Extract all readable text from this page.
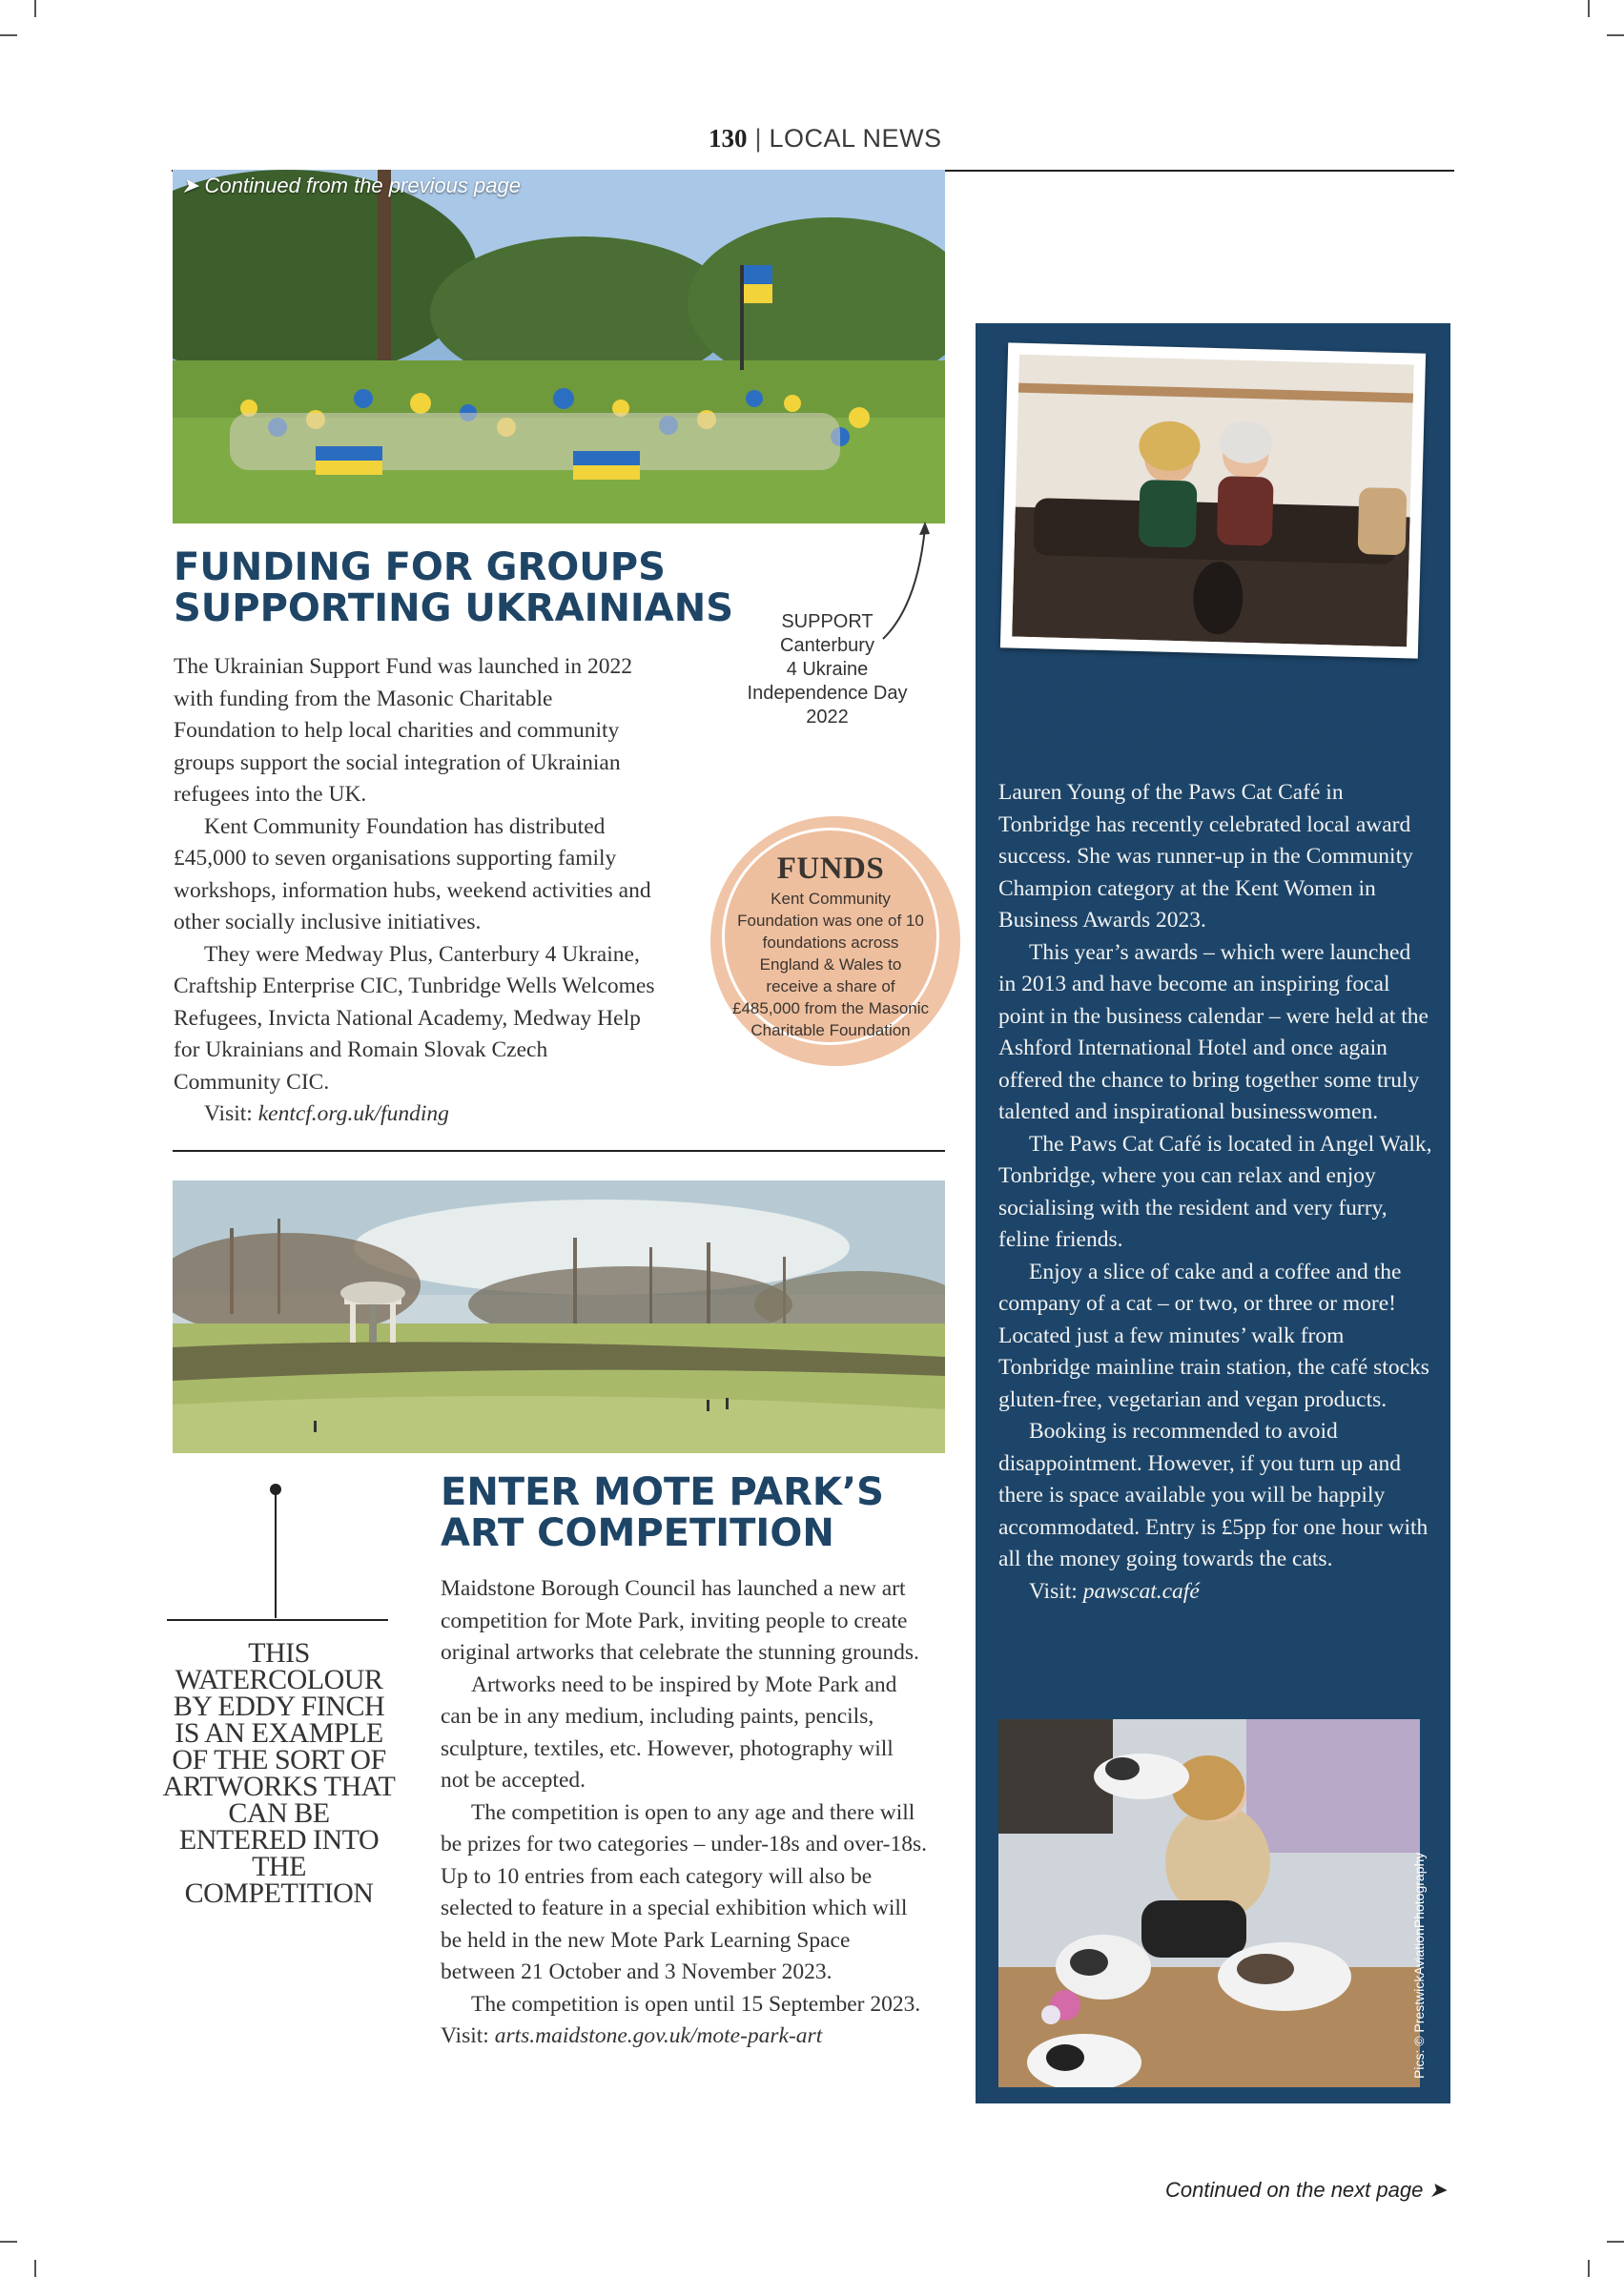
130 | LOCAL NEWS
➤ Continued from the previous page
FUNDING FOR GROUPS
SUPPORTING UKRAINIANS

The Ukrainian Support Fund was launched in 2022 with funding from the Masonic Charitable Foundation to help local charities and community groups support the social integration of Ukrainian refugees into the UK.

Kent Community Foundation has distributed £45,000 to seven organisations supporting family workshops, information hubs, weekend activities and other socially inclusive initiatives.

They were Medway Plus, Canterbury 4 Ukraine, Craftship Enterprise CIC, Tunbridge Wells Welcomes Refugees, Invicta National Academy, Medway Help for Ukrainians and Romain Slovak Czech Community CIC.

Visit: kentcf.org.uk/funding

SUPPORT
Canterbury
4 Ukraine
Independence Day
2022
FUNDS
Kent Community Foundation was one of 10 foundations across England & Wales to receive a share of £485,000 from the Masonic Charitable Foundation
THIS WATERCOLOUR BY EDDY FINCH IS AN EXAMPLE OF THE SORT OF ARTWORKS THAT CAN BE ENTERED INTO THE COMPETITION
ENTER MOTE PARK’S
ART COMPETITION

Maidstone Borough Council has launched a new art competition for Mote Park, inviting people to create original artworks that celebrate the stunning grounds.

Artworks need to be inspired by Mote Park and can be in any medium, including paints, pencils, sculpture, textiles, etc. However, photography will not be accepted.

The competition is open to any age and there will be prizes for two categories – under-18s and over-18s. Up to 10 entries from each category will also be selected to feature in a special exhibition which will be held in the new Mote Park Learning Space between 21 October and 3 November 2023.

The competition is open until 15 September 2023. Visit: arts.maidstone.gov.uk/mote-park-art

BUSINESS AWARD
SUCCESS FOR CAFÉ

Lauren Young of the Paws Cat Café in Tonbridge has recently celebrated local award success. She was runner-up in the Community Champion category at the Kent Women in Business Awards 2023.

This year’s awards – which were launched in 2013 and have become an inspiring focal point in the business calendar – were held at the Ashford International Hotel and once again offered the chance to bring together some truly talented and inspirational businesswomen.

The Paws Cat Café is located in Angel Walk, Tonbridge, where you can relax and enjoy socialising with the resident and very furry, feline friends.

Enjoy a slice of cake and a coffee and the company of a cat – or two, or three or more! Located just a few minutes’ walk from Tonbridge mainline train station, the café stocks gluten-free, vegetarian and vegan products.

Booking is recommended to avoid disappointment. However, if you turn up and there is space available you will be happily accommodated. Entry is £5pp for one hour with all the money going towards the cats.

Visit: pawscat.café

Pics: © PrestwickAviationPhotography
Continued on the next page ➤
